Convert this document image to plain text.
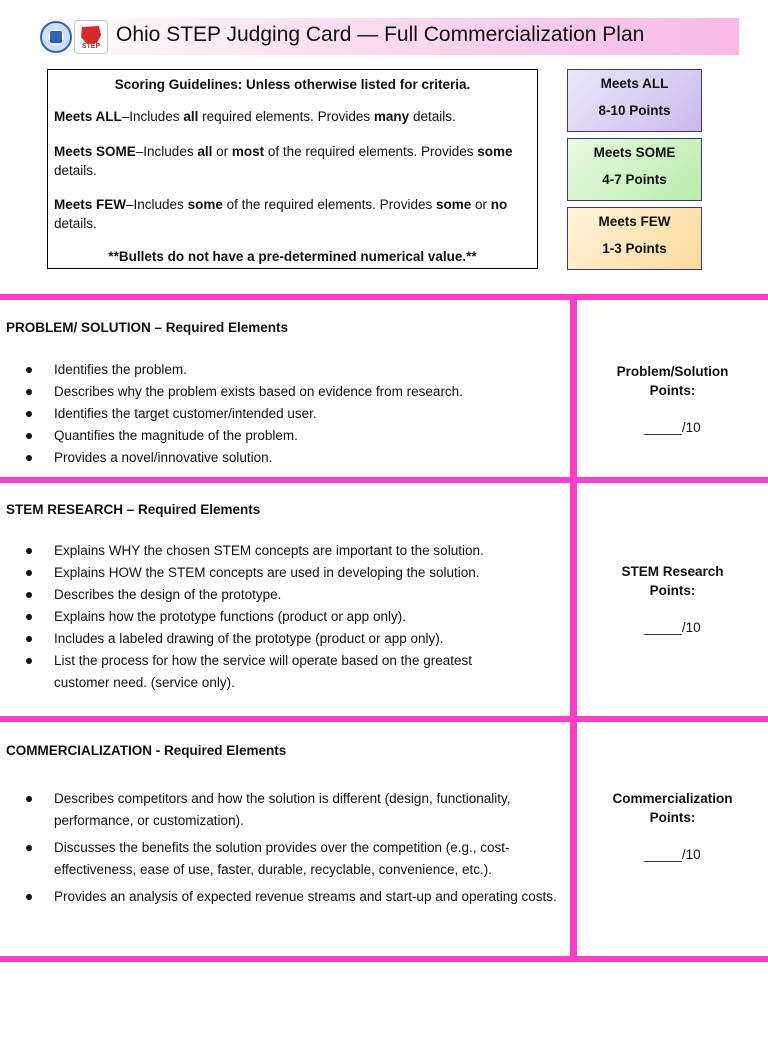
Ohio STEP
Ohio STEP Judging Card — Full Commercialization Plan
Scoring Guidelines: Unless otherwise listed for criteria.
Meets ALL–Includes all required elements. Provides many details.
Meets SOME–Includes all or most of the required elements. Provides some details.
Meets FEW–Includes some of the required elements. Provides some or no details.
**Bullets do not have a pre-determined numerical value.**
Meets ALL
8-10 Points
Meets SOME
4-7 Points
Meets FEW
1-3 Points
PROBLEM/ SOLUTION – Required Elements
Identifies the problem.
Describes why the problem exists based on evidence from research.
Identifies the target customer/intended user.
Quantifies the magnitude of the problem.
Provides a novel/innovative solution.
Problem/Solution
Points:
_____/10
STEM RESEARCH – Required Elements
Explains WHY the chosen STEM concepts are important to the solution.
Explains HOW the STEM concepts are used in developing the solution.
Describes the design of the prototype.
Explains how the prototype functions (product or app only).
Includes a labeled drawing of the prototype (product or app only).
List the process for how the service will operate based on the greatest customer need. (service only).
STEM Research
Points:
_____/10
COMMERCIALIZATION - Required Elements
Describes competitors and how the solution is different (design, functionality, performance, or customization).
Discusses the benefits the solution provides over the competition (e.g., cost-effectiveness, ease of use, faster, durable, recyclable, convenience, etc.).
Provides an analysis of expected revenue streams and start-up and operating costs.
Commercialization
Points:
_____/10
